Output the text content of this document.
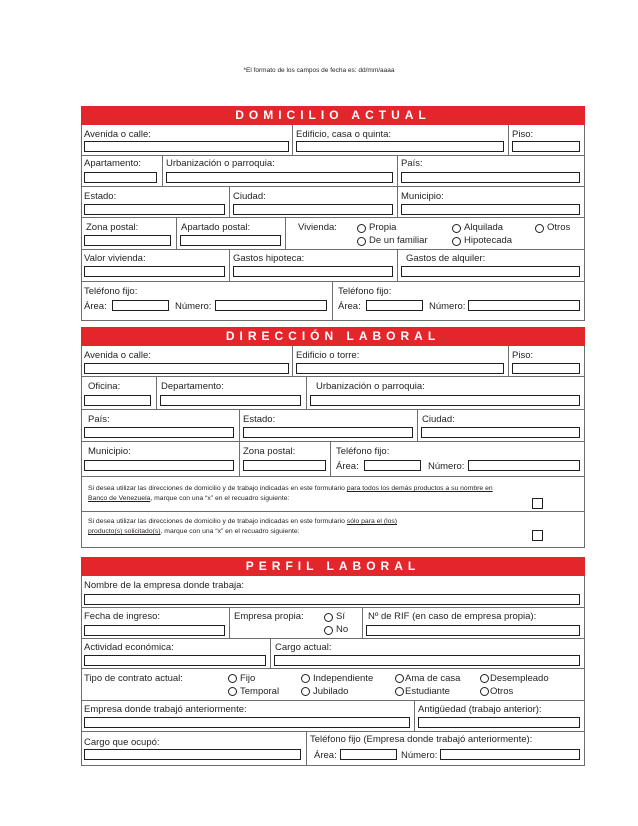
*El formato de los campos de fecha es: dd/mm/aaaa
DOMICILIO ACTUAL
Avenida o calle:	Edificio, casa o quinta:	Piso:
Apartamento:	Urbanización o parroquia:	País:
Estado:	Ciudad:	Municipio:
Zona postal:	Apartado postal:	Vivienda:	Propia
De un familiar
Alquilada
Hipotecada
Otros
Valor vivienda:	Gastos hipoteca:	Gastos de alquiler:
Teléfono fijo:
Área:	Número:
Teléfono fijo:
Área:	Número:
DIRECCIÓN LABORAL
Avenida o calle:	Edificio o torre:	Piso:
Oficina:	Departamento:	Urbanización o parroquia:
País:	Estado:	Ciudad:
Municipio:	Zona postal:	Teléfono fijo:
Área:	Número:
Si desea utilizar las direcciones de domicilio y de trabajo indicadas en este formulario para todos los demás productos a su nombre en
Banco de Venezuela, marque con una “x” en el recuadro siguiente:
Si desea utilizar las direcciones de domicilio y de trabajo indicadas en este formulario sólo para el (los)
producto(s) solicitado(s), marque con una “x” en el recuadro siguiente:
PERFIL LABORAL
Nombre de la empresa donde trabaja:
Fecha de ingreso:	Empresa propia:	Sí
No
Nº de RIF (en caso de empresa propia):
Actividad económica:	Cargo actual:
Tipo de contrato actual:	Fijo
Temporal
Independiente
Jubilado
Ama de casa
Estudiante
Desempleado
Otros
Empresa donde trabajó anteriormente:	Antigüedad (trabajo anterior):
Cargo que ocupó:	Teléfono fijo (Empresa donde trabajó anteriormente):
Área:	Número:
